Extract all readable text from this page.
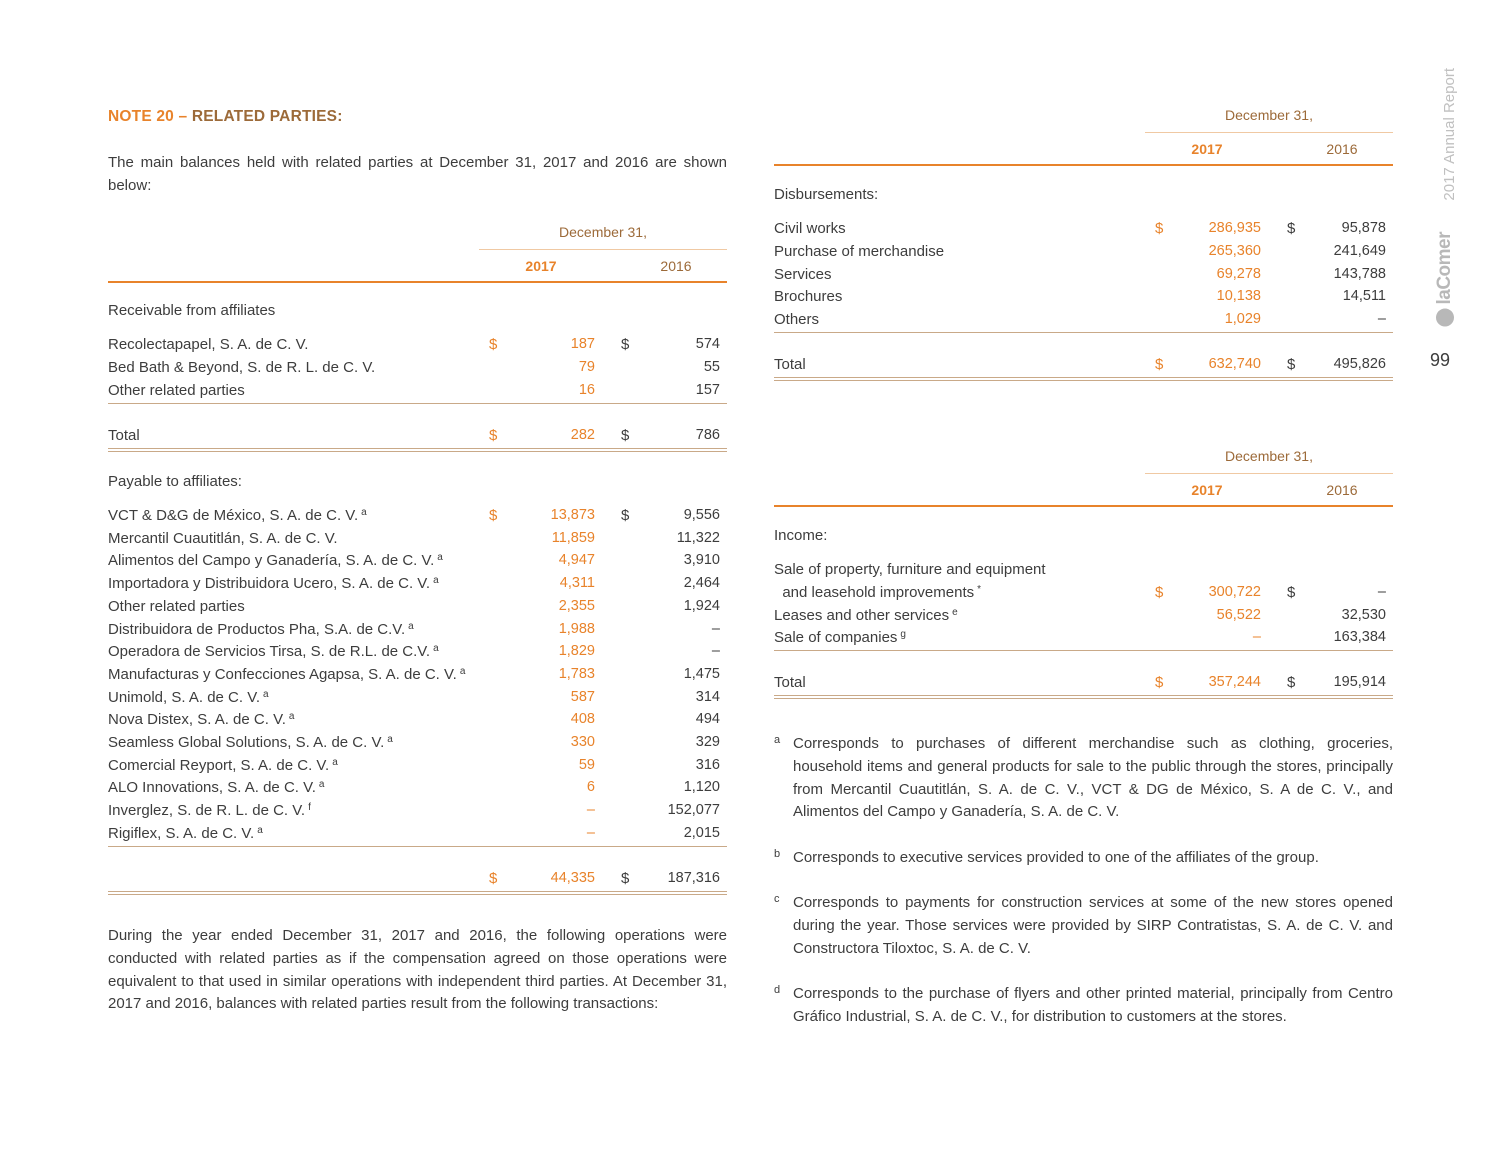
NOTE 20 – RELATED PARTIES:
The main balances held with related parties at December 31, 2017 and 2016 are shown below:
December 31,
2017	2016
Receivable from affiliates
Recolectapapel, S. A. de C. V.	$	187 $	574
Bed Bath & Beyond, S. de R. L. de C. V.	79	55
Other related parties	16	157
Total	$	282 $	786
Payable to affiliates:
VCT & D&G de México, S. A. de C. V. $^a$	$	13,873 $	9,556
Mercantil Cuautitlán, S. A. de C. V.	11,859	11,322
Alimentos del Campo y Ganadería, S. A. de C. V. $^a$	4,947	3,910
Importadora y Distribuidora Ucero, S. A. de C. V. $^a$	4,311	2,464
Other related parties	2,355	1,924
Distribuidora de Productos Pha, S.A. de C.V. $^a$	1,988	–
Operadora de Servicios Tirsa, S. de R.L. de C.V. $^a$	1,829	–
Manufacturas y Confecciones Agapsa, S. A. de C. V. $^a$	1,783	1,475
Unimold, S. A. de C. V. $^a$	587	314
Nova Distex, S. A. de C. V. $^a$	408	494
Seamless Global Solutions, S. A. de C. V. $^a$	330	329
Comercial Reyport, S. A. de C. V. $^a$	59	316
ALO Innovations, S. A. de C. V. $^a$	6	1,120
Inverglez, S. de R. L. de C. V. $^f$	–	152,077
Rigiflex, S. A. de C. V. $^a$	–	2,015
$	44,335 $	187,316
During the year ended December 31, 2017 and 2016, the following operations were conducted with related parties as if the compensation agreed on those operations were equivalent to that used in similar operations with independent third parties. At December 31, 2017 and 2016, balances with related parties result from the following transactions:
December 31,
2017	2016
Disbursements:
Civil works	$	286,935 $	95,878
Purchase of merchandise	265,360	241,649
Services	69,278	143,788
Brochures	10,138	14,511
Others	1,029	–
Total	$	632,740 $	495,826
December 31,
2017	2016
Income:
Sale of property, furniture and equipment
and leasehold improvements *	$	300,722 $	–
Leases and other services $^e$	56,522	32,530
Sale of companies $^g$	–	163,384
Total	$	357,244 $	195,914
a Corresponds to purchases of different merchandise such as clothing, groceries, household items and general products for sale to the public through the stores, principally from Mercantil Cuautitlán, S. A. de C. V., VCT & DG de México, S. A de C. V., and Alimentos del Campo y Ganadería, S. A. de C. V.
b Corresponds to executive services provided to one of the affiliates of the group.
c Corresponds to payments for construction services at some of the new stores opened during the year. Those services were provided by SIRP Contratistas, S. A. de C. V. and Constructora Tiloxtoc, S. A. de C. V.
d Corresponds to the purchase of flyers and other printed material, principally from Centro Gráfico Industrial, S. A. de C. V., for distribution to customers at the stores.
2017 Annual Report
laComer
99
